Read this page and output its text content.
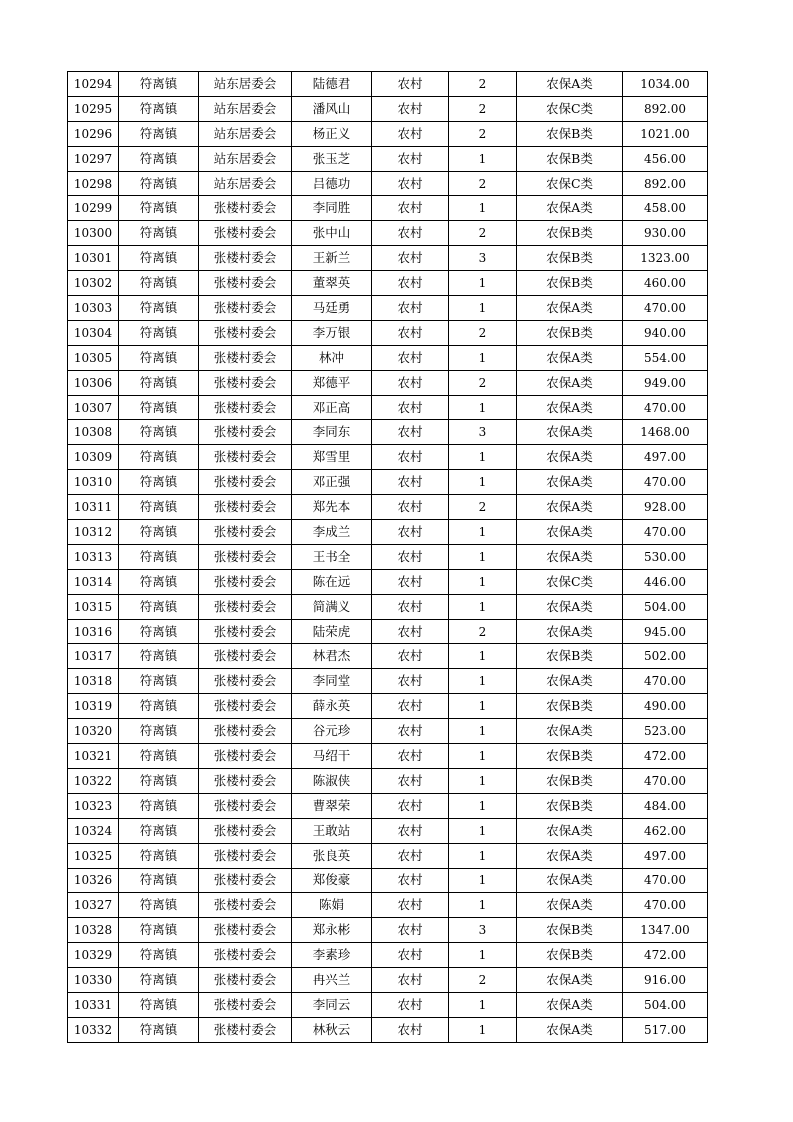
10294	符离镇	站东居委会	陆德君	农村	2	农保A类	1034.00
10295	符离镇	站东居委会	潘风山	农村	2	农保C类	892.00
10296	符离镇	站东居委会	杨正义	农村	2	农保B类	1021.00
10297	符离镇	站东居委会	张玉芝	农村	1	农保B类	456.00
10298	符离镇	站东居委会	吕德功	农村	2	农保C类	892.00
10299	符离镇	张楼村委会	李同胜	农村	1	农保A类	458.00
10300	符离镇	张楼村委会	张中山	农村	2	农保B类	930.00
10301	符离镇	张楼村委会	王新兰	农村	3	农保B类	1323.00
10302	符离镇	张楼村委会	董翠英	农村	1	农保B类	460.00
10303	符离镇	张楼村委会	马廷勇	农村	1	农保A类	470.00
10304	符离镇	张楼村委会	李万银	农村	2	农保B类	940.00
10305	符离镇	张楼村委会	林冲	农村	1	农保A类	554.00
10306	符离镇	张楼村委会	郑德平	农村	2	农保A类	949.00
10307	符离镇	张楼村委会	邓正高	农村	1	农保A类	470.00
10308	符离镇	张楼村委会	李同东	农村	3	农保A类	1468.00
10309	符离镇	张楼村委会	郑雪里	农村	1	农保A类	497.00
10310	符离镇	张楼村委会	邓正强	农村	1	农保A类	470.00
10311	符离镇	张楼村委会	郑先本	农村	2	农保A类	928.00
10312	符离镇	张楼村委会	李成兰	农村	1	农保A类	470.00
10313	符离镇	张楼村委会	王书全	农村	1	农保A类	530.00
10314	符离镇	张楼村委会	陈在远	农村	1	农保C类	446.00
10315	符离镇	张楼村委会	简满义	农村	1	农保A类	504.00
10316	符离镇	张楼村委会	陆荣虎	农村	2	农保A类	945.00
10317	符离镇	张楼村委会	林君杰	农村	1	农保B类	502.00
10318	符离镇	张楼村委会	李同堂	农村	1	农保A类	470.00
10319	符离镇	张楼村委会	薛永英	农村	1	农保B类	490.00
10320	符离镇	张楼村委会	谷元珍	农村	1	农保A类	523.00
10321	符离镇	张楼村委会	马绍干	农村	1	农保B类	472.00
10322	符离镇	张楼村委会	陈淑侠	农村	1	农保B类	470.00
10323	符离镇	张楼村委会	曹翠荣	农村	1	农保B类	484.00
10324	符离镇	张楼村委会	王敢站	农村	1	农保A类	462.00
10325	符离镇	张楼村委会	张良英	农村	1	农保A类	497.00
10326	符离镇	张楼村委会	郑俊豪	农村	1	农保A类	470.00
10327	符离镇	张楼村委会	陈娟	农村	1	农保A类	470.00
10328	符离镇	张楼村委会	郑永彬	农村	3	农保B类	1347.00
10329	符离镇	张楼村委会	李素珍	农村	1	农保B类	472.00
10330	符离镇	张楼村委会	冉兴兰	农村	2	农保A类	916.00
10331	符离镇	张楼村委会	李同云	农村	1	农保A类	504.00
10332	符离镇	张楼村委会	林秋云	农村	1	农保A类	517.00
